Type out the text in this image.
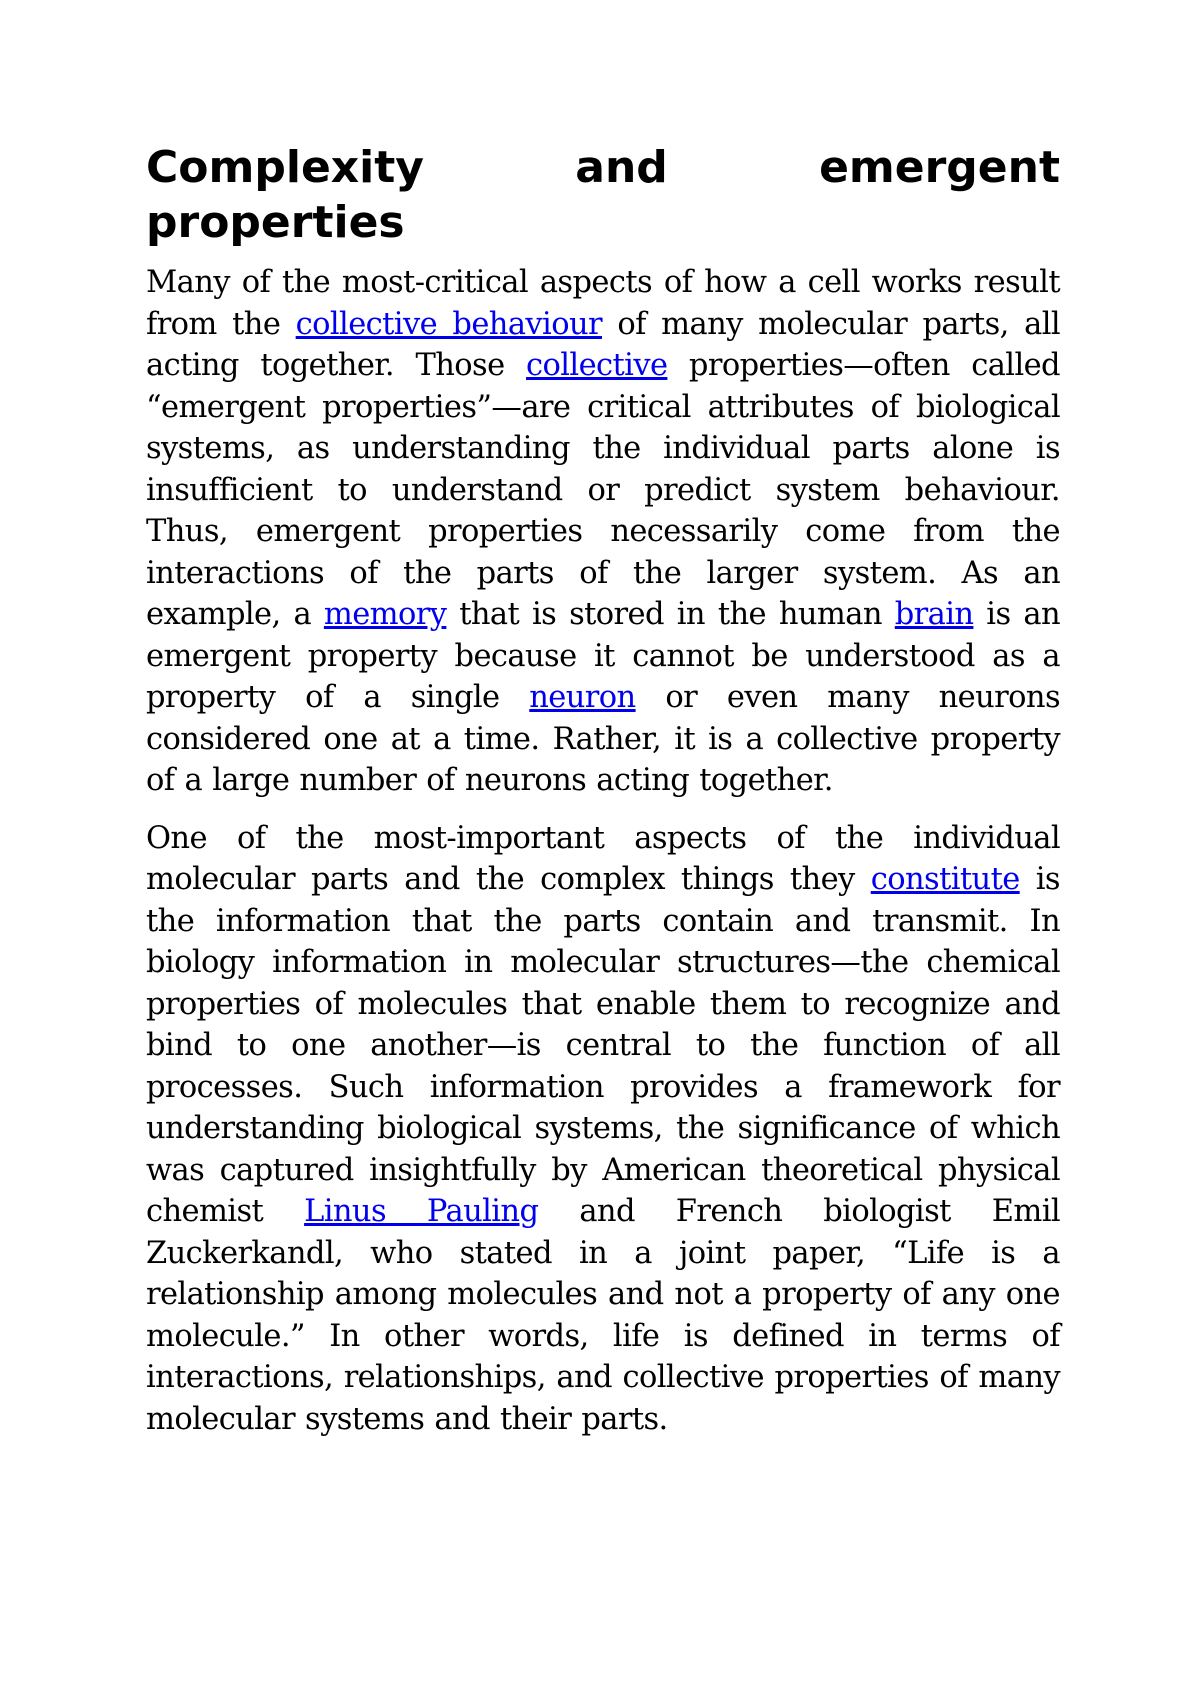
Complexity and emergent properties

Many of the most-critical aspects of how a cell works result from the collective behaviour of many molecular parts, all acting together. Those collective properties—often called “emergent properties”—are critical attributes of biological systems, as understanding the individual parts alone is insufficient to understand or predict system behaviour. Thus, emergent properties necessarily come from the interactions of the parts of the larger system. As an example, a memory that is stored in the human brain is an emergent property because it cannot be understood as a property of a single neuron or even many neurons considered one at a time. Rather, it is a collective property of a large number of neurons acting together.

One of the most-important aspects of the individual molecular parts and the complex things they constitute is the information that the parts contain and transmit. In biology information in molecular structures—the chemical properties of molecules that enable them to recognize and bind to one another—is central to the function of all processes. Such information provides a framework for understanding biological systems, the significance of which was captured insightfully by American theoretical physical chemist Linus Pauling and French biologist Emil Zuckerkandl, who stated in a joint paper, “Life is a relationship among molecules and not a property of any one molecule.” In other words, life is defined in terms of interactions, relationships, and collective properties of many molecular systems and their parts.
